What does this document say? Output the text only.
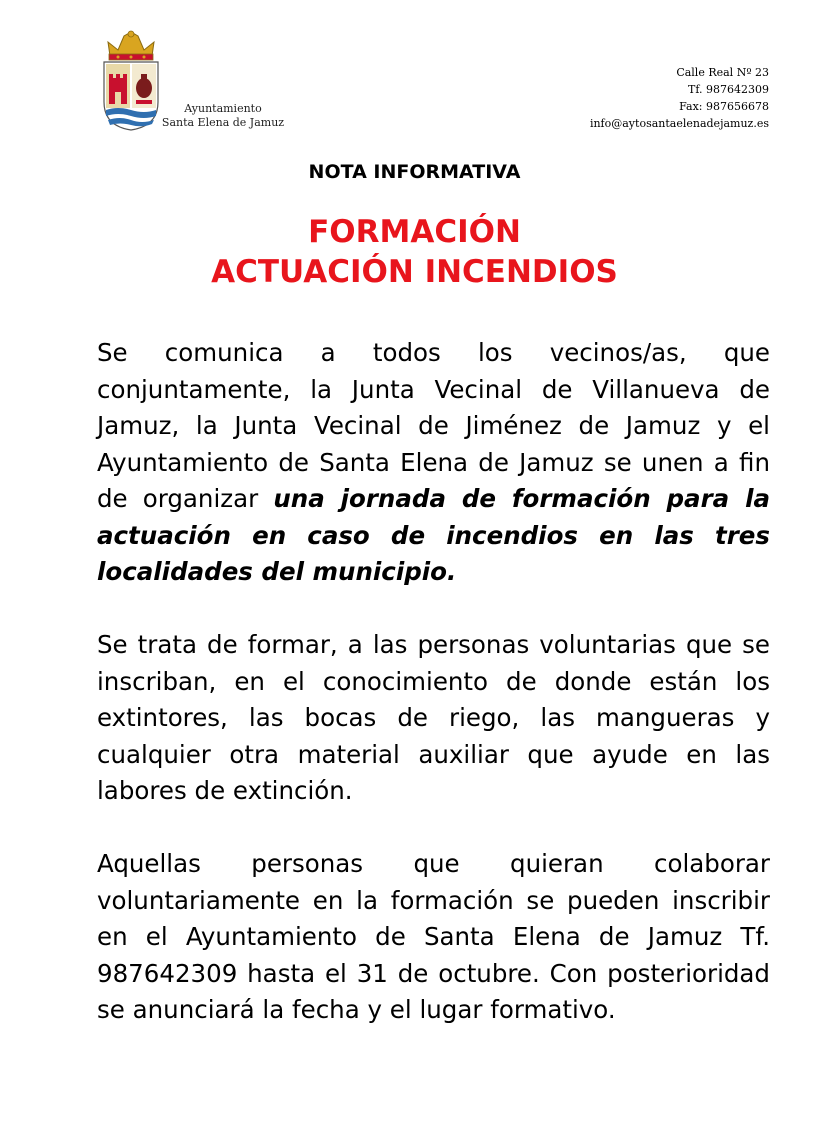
Ayuntamiento
Santa Elena de Jamuz
Calle Real Nº 23
Tf. 987642309
Fax: 987656678
info@aytosantaelenadejamuz.es
NOTA INFORMATIVA
FORMACIÓN
ACTUACIÓN INCENDIOS

Se comunica a todos los vecinos/as, que conjuntamente, la Junta Vecinal de Villanueva de Jamuz, la Junta Vecinal de Jiménez de Jamuz y el Ayuntamiento de Santa Elena de Jamuz se unen a fin de organizar una jornada de formación para la actuación en caso de incendios en las tres localidades del municipio.

Se trata de formar, a las personas voluntarias que se inscriban, en el conocimiento de donde están los extintores, las bocas de riego, las mangueras y cualquier otra material auxiliar que ayude en las labores de extinción.

Aquellas personas que quieran colaborar voluntariamente en la formación se pueden inscribir en el Ayuntamiento de Santa Elena de Jamuz Tf. 987642309 hasta el 31 de octubre. Con posterioridad se anunciará la fecha y el lugar formativo.
